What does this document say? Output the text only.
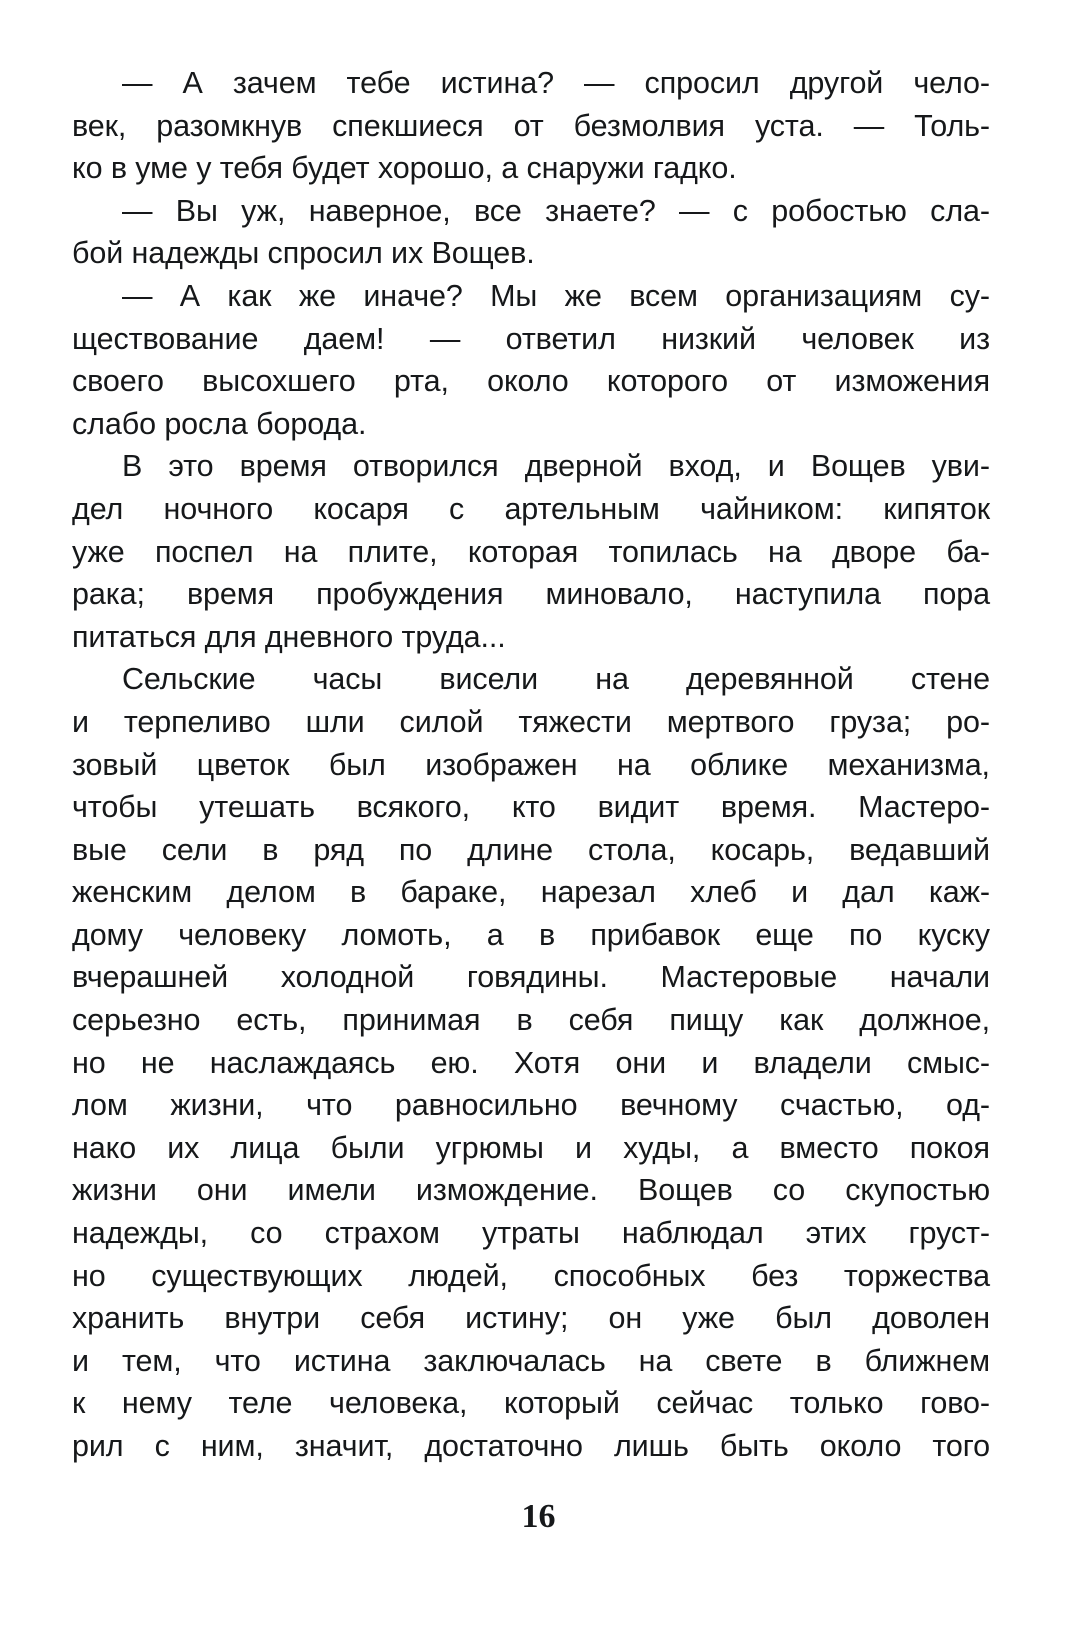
— А зачем тебе истина? — спросил другой чело-
век, разомкнув спекшиеся от безмолвия уста. — Толь-
ко в уме у тебя будет хорошо, а снаружи гадко.
— Вы уж, наверное, все знаете? — с робостью сла-
бой надежды спросил их Вощев.
— А как же иначе? Мы же всем организациям су-
ществование даем! — ответил низкий человек из
своего высохшего рта, около которого от изможения
слабо росла борода.
В это время отворился дверной вход, и Вощев уви-
дел ночного косаря с артельным чайником: кипяток
уже поспел на плите, которая топилась на дворе ба-
рака; время пробуждения миновало, наступила пора
питаться для дневного труда...
Сельские часы висели на деревянной стене
и терпеливо шли силой тяжести мертвого груза; ро-
зовый цветок был изображен на облике механизма,
чтобы утешать всякого, кто видит время. Мастеро-
вые сели в ряд по длине стола, косарь, ведавший
женским делом в бараке, нарезал хлеб и дал каж-
дому человеку ломоть, а в прибавок еще по куску
вчерашней холодной говядины. Мастеровые начали
серьезно есть, принимая в себя пищу как должное,
но не наслаждаясь ею. Хотя они и владели смыс-
лом жизни, что равносильно вечному счастью, од-
нако их лица были угрюмы и худы, а вместо покоя
жизни они имели измождение. Вощев со скупостью
надежды, со страхом утраты наблюдал этих груст-
но существующих людей, способных без торжества
хранить внутри себя истину; он уже был доволен
и тем, что истина заключалась на свете в ближнем
к нему теле человека, который сейчас только гово-
рил с ним, значит, достаточно лишь быть около того
16
